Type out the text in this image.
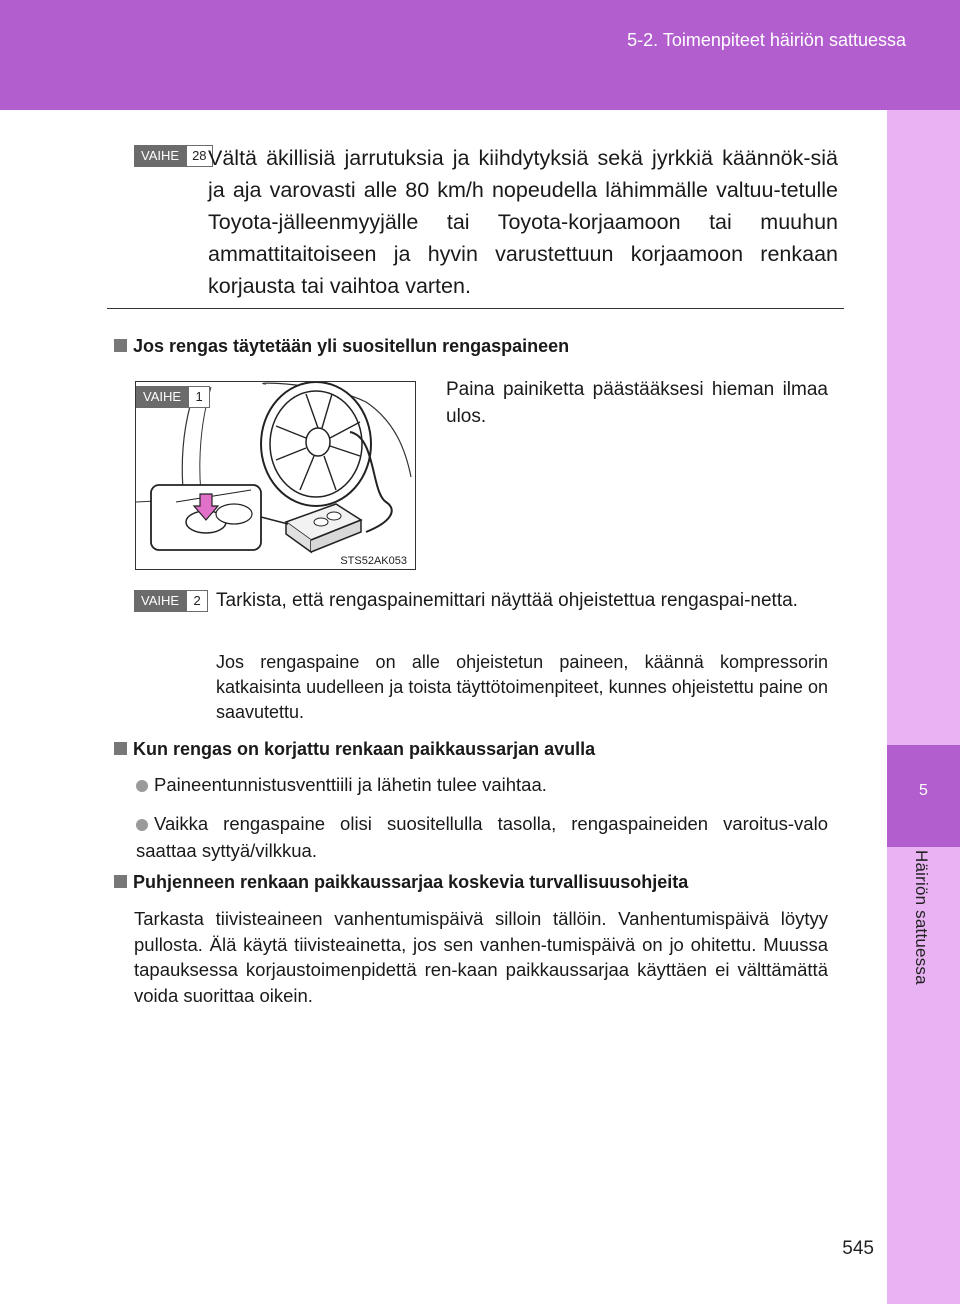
5-2. Toimenpiteet häiriön sattuessa
5
Häiriön sattuessa
VAIHE	28 Vältä äkillisiä jarrutuksia ja kiihdytyksiä sekä jyrkkiä käännök-siä ja aja varovasti alle 80 km/h nopeudella lähimmälle valtuu-tetulle Toyota-jälleenmyyjälle tai Toyota-korjaamoon tai muuhun ammattitaitoiseen ja hyvin varustettuun korjaamoon renkaan korjausta tai vaihtoa varten.
Jos rengas täytetään yli suositellun rengaspaineen
VAIHE	1
STS52AK053
Paina painiketta päästääksesi hieman ilmaa ulos.
VAIHE	2 Tarkista, että rengaspainemittari näyttää ohjeistettua rengaspai-netta.
Jos rengaspaine on alle ohjeistetun paineen, käännä kompressorin katkaisinta uudelleen ja toista täyttötoimenpiteet, kunnes ohjeistettu paine on saavutettu.
Kun rengas on korjattu renkaan paikkaussarjan avulla
Paineentunnistusventtiili ja lähetin tulee vaihtaa.
Vaikka rengaspaine olisi suositellulla tasolla, rengaspaineiden varoitus-valo saattaa syttyä/vilkkua.
Puhjenneen renkaan paikkaussarjaa koskevia turvallisuusohjeita
Tarkasta tiivisteaineen vanhentumispäivä silloin tällöin. Vanhentumispäivä löytyy pullosta. Älä käytä tiivisteainetta, jos sen vanhen-tumispäivä on jo ohitettu. Muussa tapauksessa korjaustoimenpidettä ren-kaan paikkaussarjaa käyttäen ei välttämättä voida suorittaa oikein.
545
